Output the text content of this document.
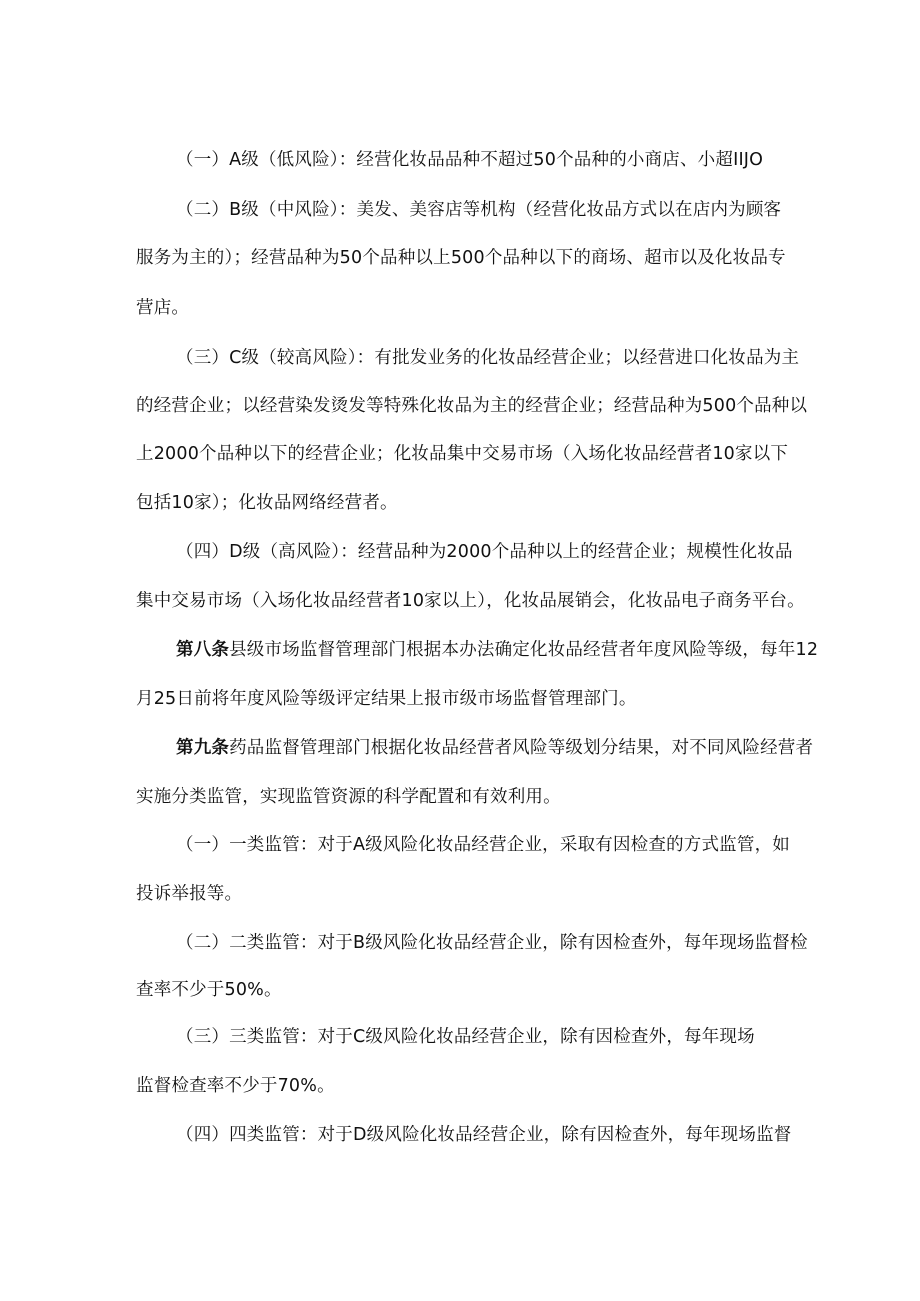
（一）A级（低风险）：经营化妆品品种不超过50个品种的小商店、小超IIJO
（二）B级（中风险）：美发、美容店等机构（经营化妆品方式以在店内为顾客
服务为主的）；经营品种为50个品种以上500个品种以下的商场、超市以及化妆品专
营店。
（三）C级（较高风险）：有批发业务的化妆品经营企业；以经营进口化妆品为主
的经营企业；以经营染发烫发等特殊化妆品为主的经营企业；经营品种为500个品种以
上2000个品种以下的经营企业；化妆品集中交易市场（入场化妆品经营者10家以下
包括10家）；化妆品网络经营者。
（四）D级（高风险）：经营品种为2000个品种以上的经营企业；规模性化妆品
集中交易市场（入场化妆品经营者10家以上），化妆品展销会，化妆品电子商务平台。
第八条县级市场监督管理部门根据本办法确定化妆品经营者年度风险等级，每年12
月25日前将年度风险等级评定结果上报市级市场监督管理部门。
第九条药品监督管理部门根据化妆品经营者风险等级划分结果，对不同风险经营者
实施分类监管，实现监管资源的科学配置和有效利用。
（一）一类监管：对于A级风险化妆品经营企业，采取有因检查的方式监管，如
投诉举报等。
（二）二类监管：对于B级风险化妆品经营企业，除有因检查外，每年现场监督检
查率不少于50%。
（三）三类监管：对于C级风险化妆品经营企业，除有因检查外，每年现场
监督检查率不少于70%。
（四）四类监管：对于D级风险化妆品经营企业，除有因检查外，每年现场监督
